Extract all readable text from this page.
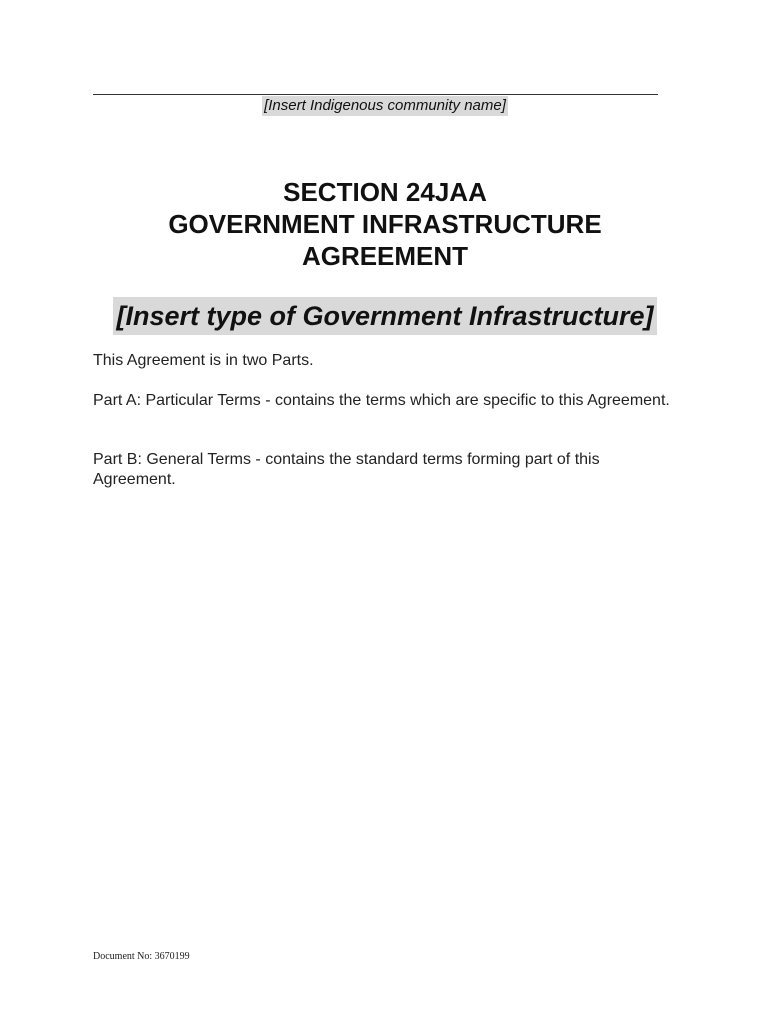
[Insert Indigenous community name]
SECTION 24JAA
GOVERNMENT INFRASTRUCTURE
AGREEMENT
[Insert type of Government Infrastructure]

This Agreement is in two Parts.

Part A: Particular Terms - contains the terms which are specific to this Agreement.

Part B: General Terms - contains the standard terms forming part of this Agreement.

Document No: 3670199
